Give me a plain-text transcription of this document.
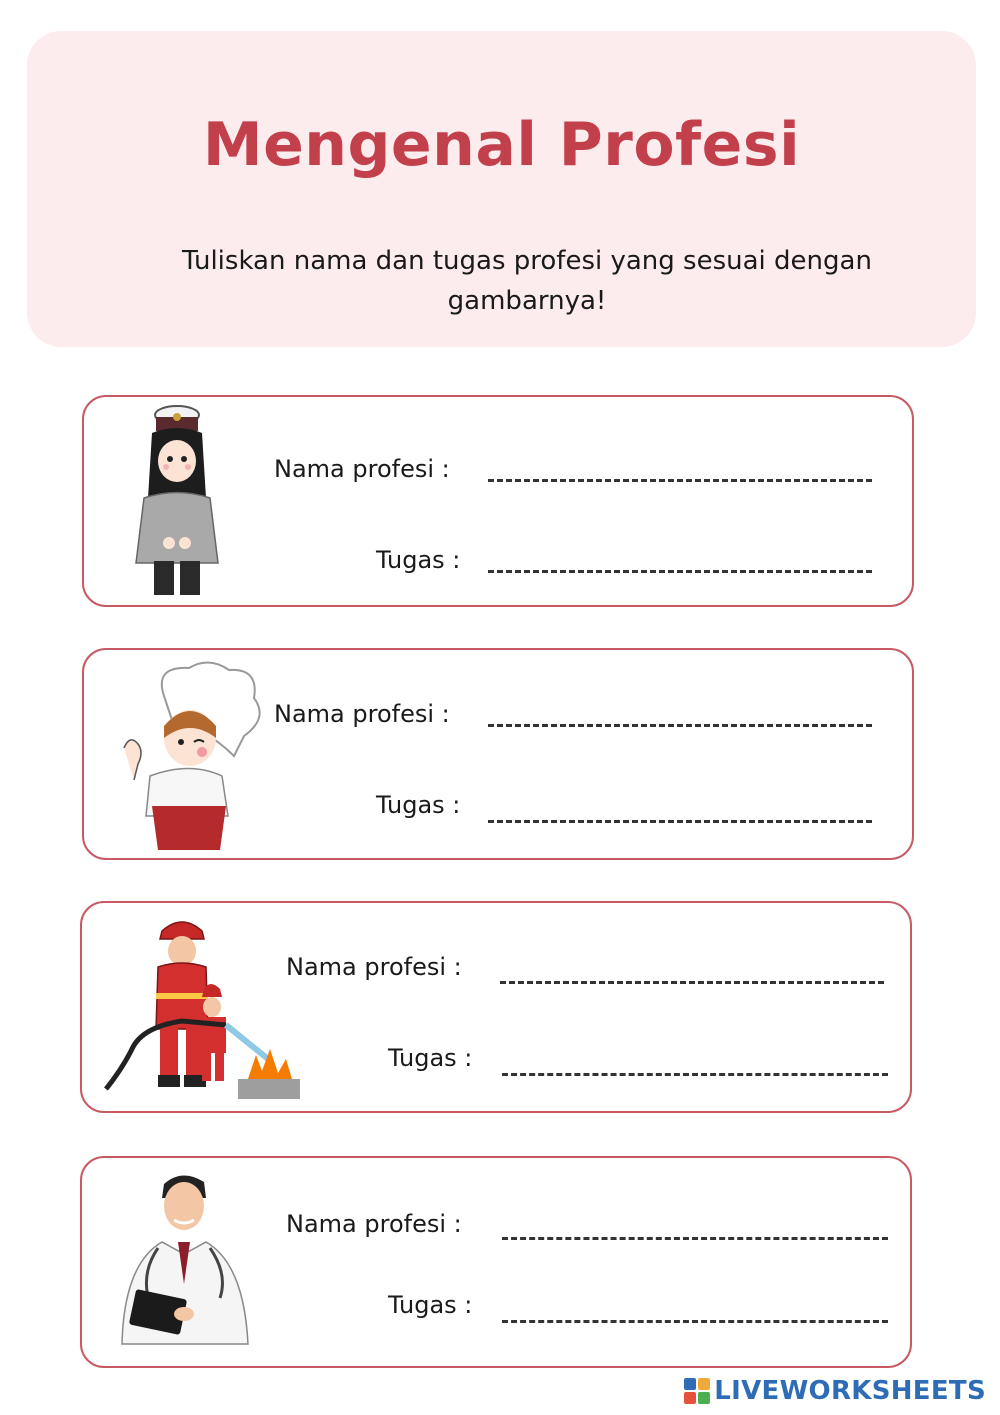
Mengenal Profesi
Tuliskan nama dan tugas profesi yang sesuai dengan gambarnya!
Nama profesi :
Tugas :
Nama profesi :
Tugas :
Nama profesi :
Tugas :
Nama profesi :
Tugas :
LIVEWORKSHEETS
